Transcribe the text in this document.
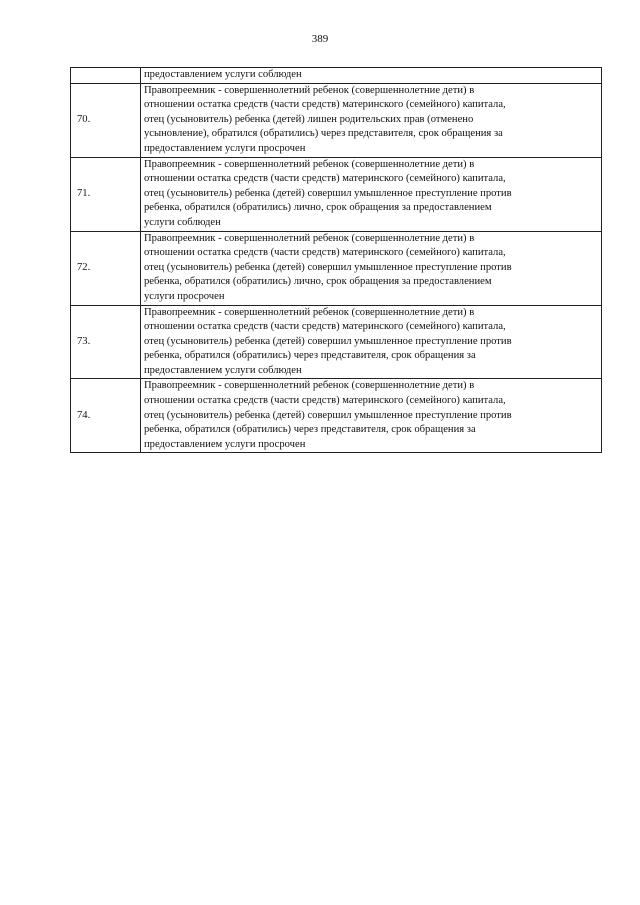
389

	предоставлением услуги соблюден

70.	Правопреемник - совершеннолетний ребенок (совершеннолетние дети) в
отношении остатка средств (части средств) материнского (семейного) капитала,
отец (усыновитель) ребенка (детей) лишен родительских прав (отменено
усыновление), обратился (обратились) через представителя, срок обращения за
предоставлением услуги просрочен

71.	Правопреемник - совершеннолетний ребенок (совершеннолетние дети) в
отношении остатка средств (части средств) материнского (семейного) капитала,
отец (усыновитель) ребенка (детей) совершил умышленное преступление против
ребенка, обратился (обратились) лично, срок обращения за предоставлением
услуги соблюден

72.	Правопреемник - совершеннолетний ребенок (совершеннолетние дети) в
отношении остатка средств (части средств) материнского (семейного) капитала,
отец (усыновитель) ребенка (детей) совершил умышленное преступление против
ребенка, обратился (обратились) лично, срок обращения за предоставлением
услуги просрочен

73.	Правопреемник - совершеннолетний ребенок (совершеннолетние дети) в
отношении остатка средств (части средств) материнского (семейного) капитала,
отец (усыновитель) ребенка (детей) совершил умышленное преступление против
ребенка, обратился (обратились) через представителя, срок обращения за
предоставлением услуги соблюден

74.	Правопреемник - совершеннолетний ребенок (совершеннолетние дети) в
отношении остатка средств (части средств) материнского (семейного) капитала,
отец (усыновитель) ребенка (детей) совершил умышленное преступление против
ребенка, обратился (обратились) через представителя, срок обращения за
предоставлением услуги просрочен
